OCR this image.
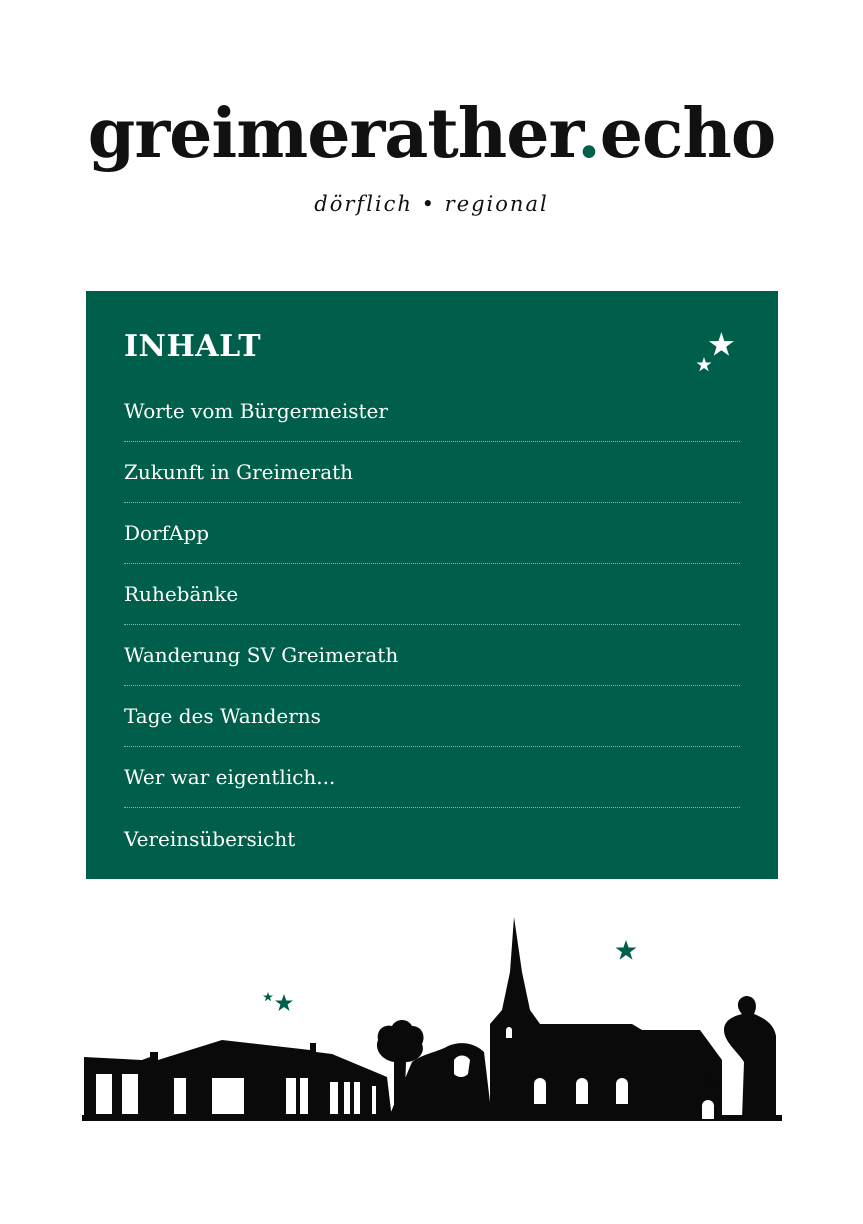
greimerather.echo
dörflich • regional
INHALT
Worte vom Bürgermeister
Zukunft in Greimerath
DorfApp
Ruhebänke
Wanderung SV Greimerath
Tage des Wanderns
Wer war eigentlich...
Vereinsübersicht
